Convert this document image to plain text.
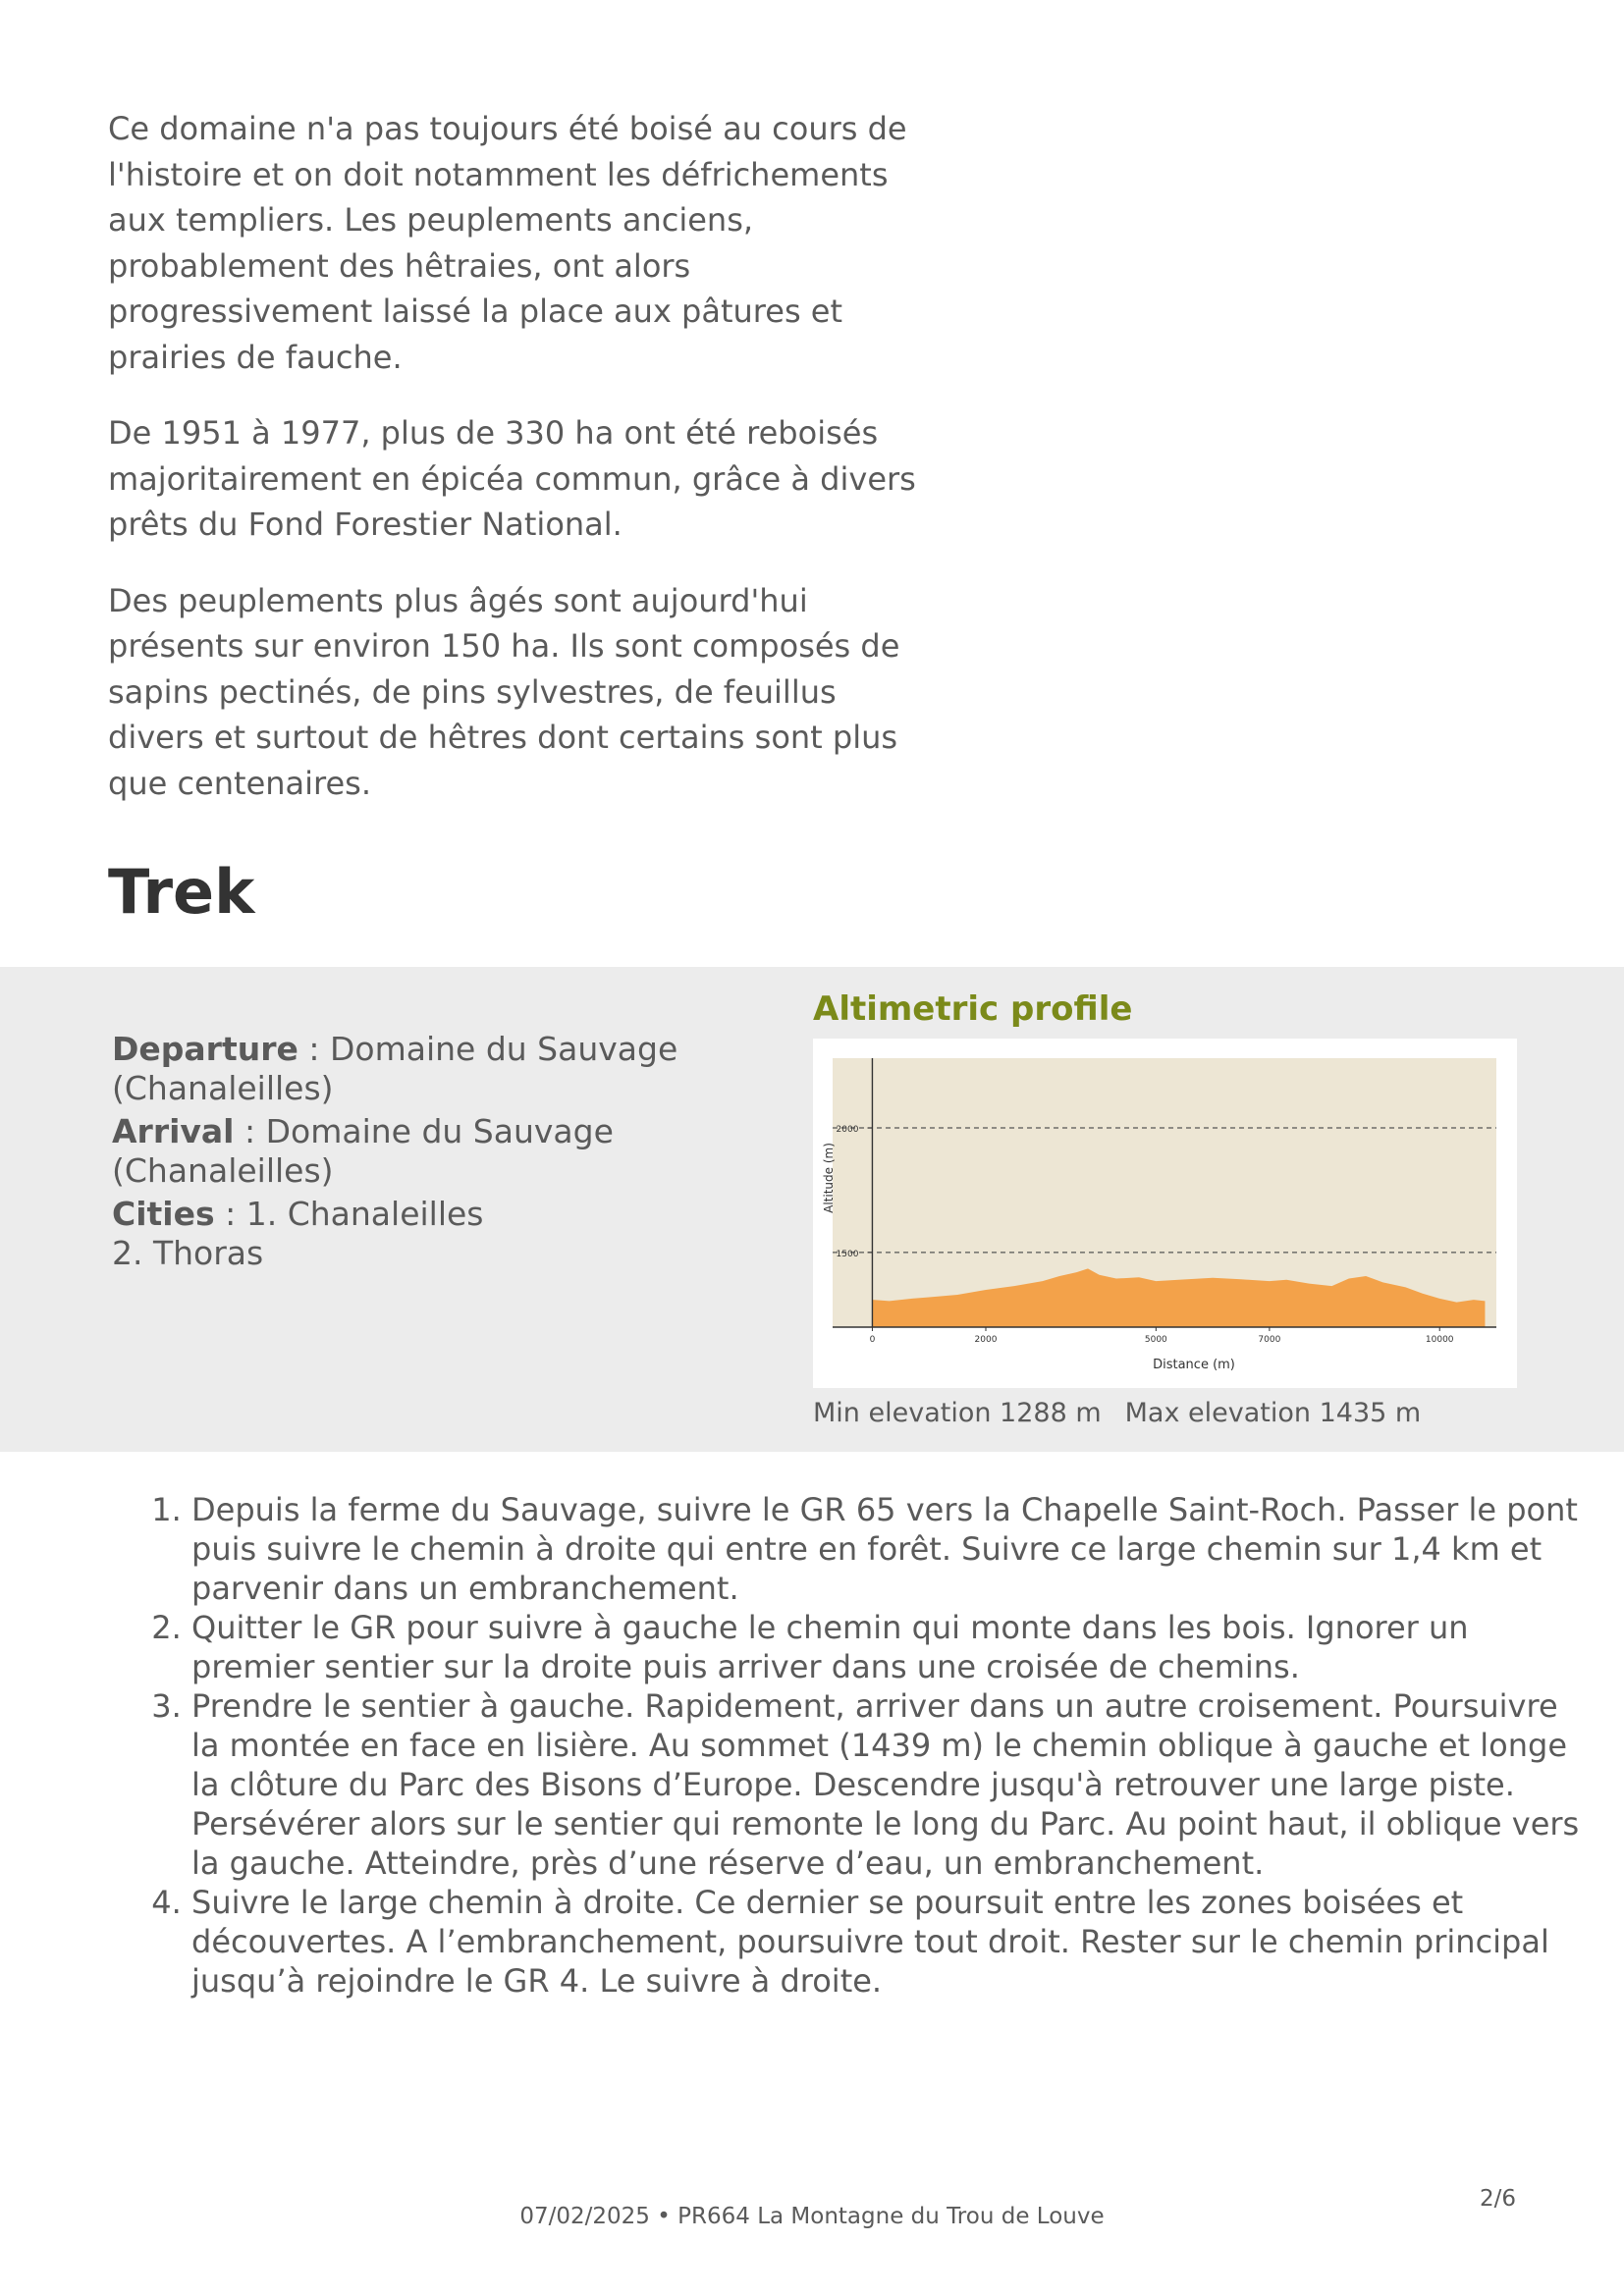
Ce domaine n'a pas toujours été boisé au cours de l'histoire et on doit notamment les défrichements aux templiers. Les peuplements anciens, probablement des hêtraies, ont alors progressivement laissé la place aux pâtures et prairies de fauche.

De 1951 à 1977, plus de 330 ha ont été reboisés majoritairement en épicéa commun, grâce à divers prêts du Fond Forestier National.

Des peuplements plus âgés sont aujourd'hui présents sur environ 150 ha. Ils sont composés de sapins pectinés, de pins sylvestres, de feuillus divers et surtout de hêtres dont certains sont plus que centenaires.

Trek
Departure : Domaine du Sauvage (Chanaleilles)
Arrival : Domaine du Sauvage (Chanaleilles)
Cities : 1. Chanaleilles
2. Thoras
Altimetric profile
1500
2000
0	2000	5000	7000	10000
Distance (m)
Altitude (m)
Min elevation 1288 m Max elevation 1435 m
1. Depuis la ferme du Sauvage, suivre le GR 65 vers la Chapelle Saint-Roch. Passer le pont puis suivre le chemin à droite qui entre en forêt. Suivre ce large chemin sur 1,4 km et parvenir dans un embranchement.
2. Quitter le GR pour suivre à gauche le chemin qui monte dans les bois. Ignorer un premier sentier sur la droite puis arriver dans une croisée de chemins.
3. Prendre le sentier à gauche. Rapidement, arriver dans un autre croisement. Poursuivre la montée en face en lisière. Au sommet (1439 m) le chemin oblique à gauche et longe la clôture du Parc des Bisons d’Europe. Descendre jusqu'à retrouver une large piste. Persévérer alors sur le sentier qui remonte le long du Parc. Au point haut, il oblique vers la gauche. Atteindre, près d’une réserve d’eau, un embranchement.
4. Suivre le large chemin à droite. Ce dernier se poursuit entre les zones boisées et découvertes. A l’embranchement, poursuivre tout droit. Rester sur le chemin principal jusqu’à rejoindre le GR 4. Le suivre à droite.
2/6
07/02/2025 • PR664 La Montagne du Trou de Louve
